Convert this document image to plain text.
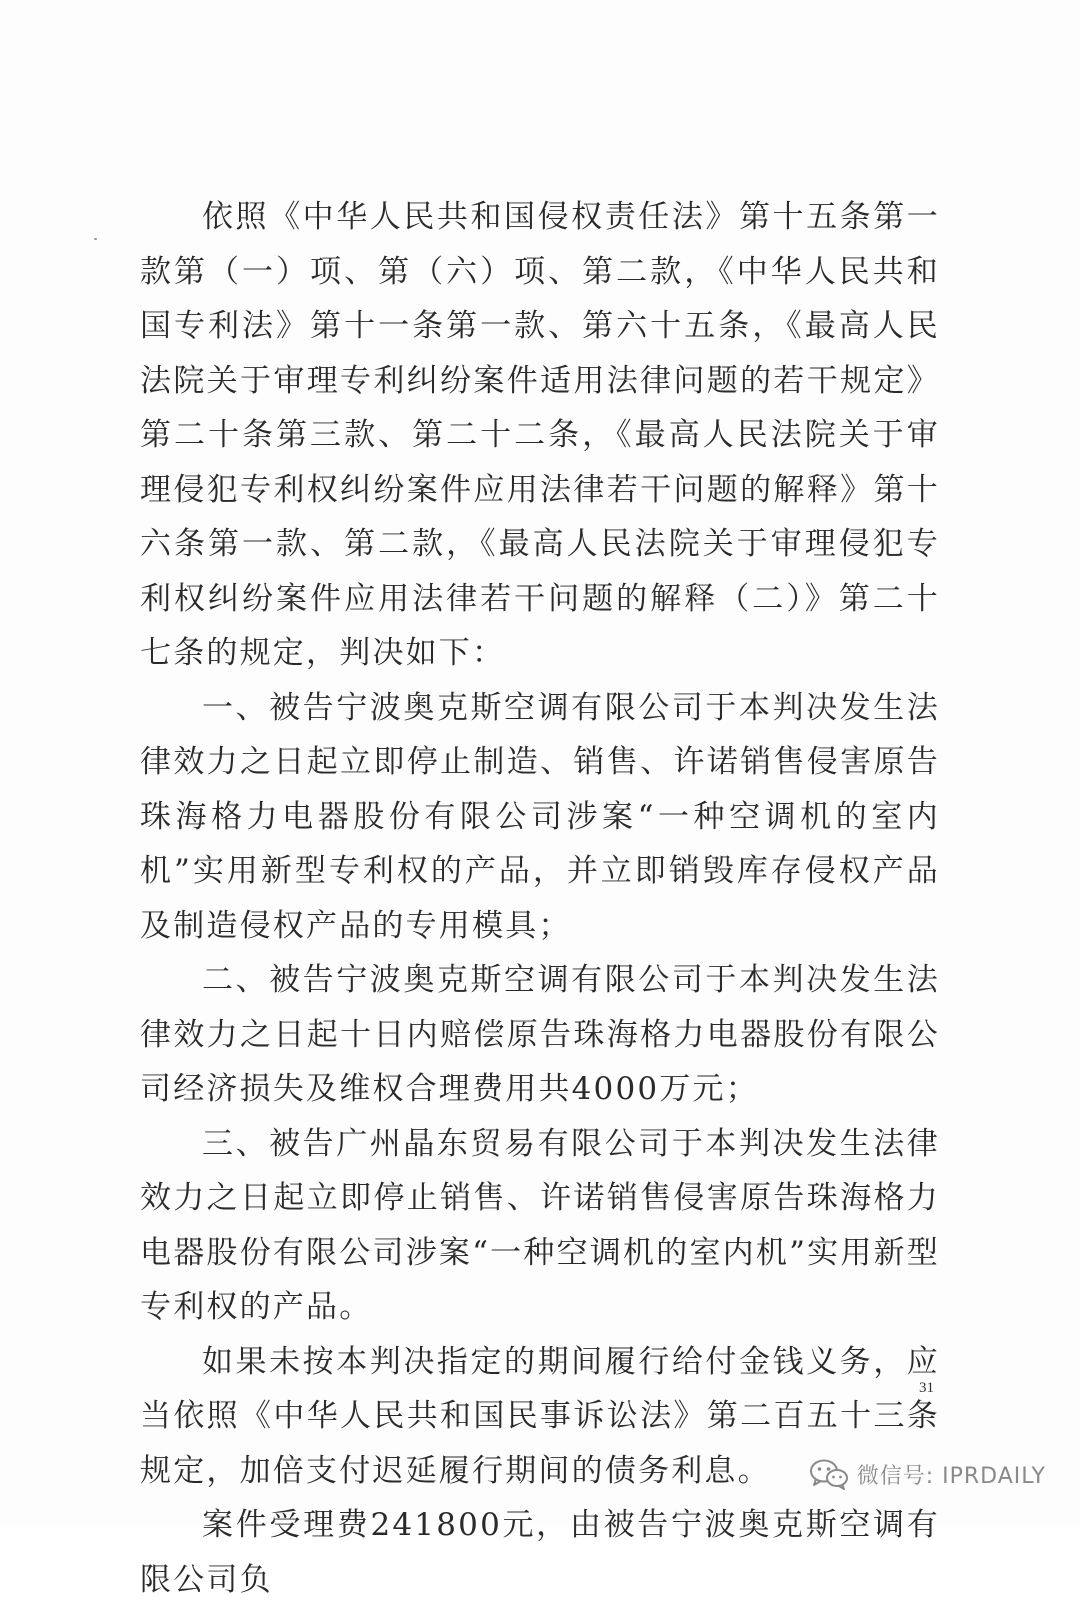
依照《中华人民共和国侵权责任法》第十五条第一款第（一）项、第（六）项、第二款，《中华人民共和国专利法》第十一条第一款、第六十五条，《最高人民法院关于审理专利纠纷案件适用法律问题的若干规定》第二十条第三款、第二十二条，《最高人民法院关于审理侵犯专利权纠纷案件应用法律若干问题的解释》第十六条第一款、第二款，《最高人民法院关于审理侵犯专利权纠纷案件应用法律若干问题的解释（二）》第二十七条的规定，判决如下：

一、被告宁波奥克斯空调有限公司于本判决发生法律效力之日起立即停止制造、销售、许诺销售侵害原告珠海格力电器股份有限公司涉案“一种空调机的室内机”实用新型专利权的产品，并立即销毁库存侵权产品及制造侵权产品的专用模具；

二、被告宁波奥克斯空调有限公司于本判决发生法律效力之日起十日内赔偿原告珠海格力电器股份有限公司经济损失及维权合理费用共4000万元；

三、被告广州晶东贸易有限公司于本判决发生法律效力之日起立即停止销售、许诺销售侵害原告珠海格力电器股份有限公司涉案“一种空调机的室内机”实用新型专利权的产品。

如果未按本判决指定的期间履行给付金钱义务，应当依照《中华人民共和国民事诉讼法》第二百五十三条规定，加倍支付迟延履行期间的债务利息。

案件受理费241800元，由被告宁波奥克斯空调有限公司负

31
微信号: IPRDAILY
